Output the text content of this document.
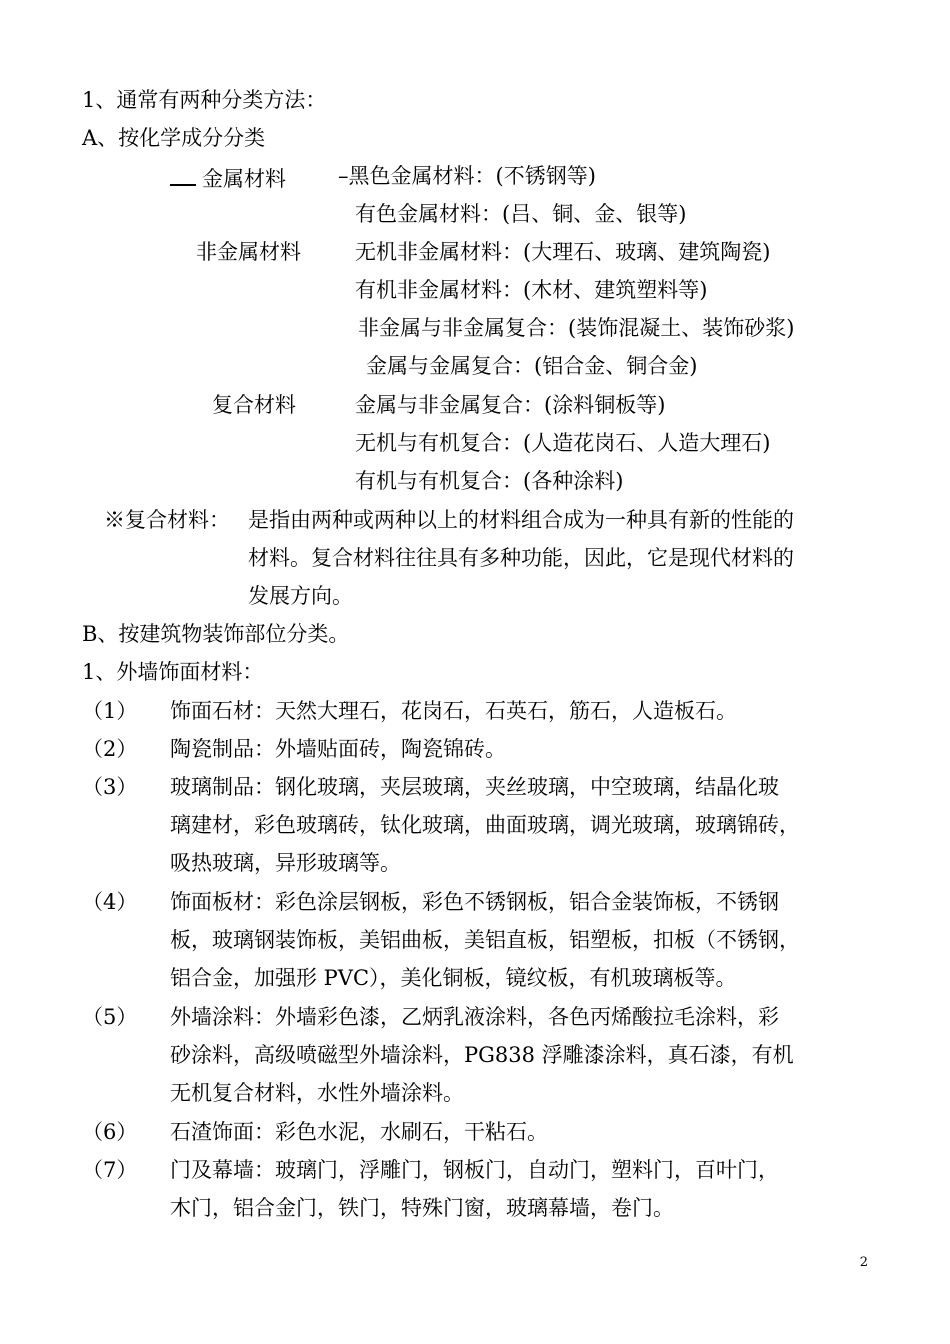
1、通常有两种分类方法：
A、按化学成分分类
金属材料 –黑色金属材料：(不锈钢等)
有色金属材料：(吕、铜、金、银等)
非金属材料	无机非金属材料：(大理石、玻璃、建筑陶瓷)
有机非金属材料：(木材、建筑塑料等)
非金属与非金属复合：(装饰混凝土、装饰砂浆)
金属与金属复合：(铝合金、铜合金)
复合材料	金属与非金属复合：(涂料铜板等)
无机与有机复合：(人造花岗石、人造大理石)
有机与有机复合：(各种涂料)
※复合材料： 是指由两种或两种以上的材料组合成为一种具有新的性能的
材料。复合材料往往具有多种功能，因此，它是现代材料的
发展方向。
B、按建筑物装饰部位分类。
1、外墙饰面材料：
（1） 饰面石材：天然大理石，花岗石，石英石，筋石，人造板石。
（2） 陶瓷制品：外墙贴面砖，陶瓷锦砖。
（3） 玻璃制品：钢化玻璃，夹层玻璃，夹丝玻璃，中空玻璃，结晶化玻
璃建材，彩色玻璃砖，钛化玻璃，曲面玻璃，调光玻璃，玻璃锦砖，
吸热玻璃，异形玻璃等。
（4） 饰面板材：彩色涂层钢板，彩色不锈钢板，铝合金装饰板，不锈钢
板，玻璃钢装饰板，美铝曲板，美铝直板，铝塑板，扣板（不锈钢，
铝合金，加强形 PVC），美化铜板，镜纹板，有机玻璃板等。
（5） 外墙涂料：外墙彩色漆，乙炳乳液涂料，各色丙烯酸拉毛涂料，彩
砂涂料，高级喷磁型外墙涂料，PG838 浮雕漆涂料，真石漆，有机
无机复合材料，水性外墙涂料。
（6） 石渣饰面：彩色水泥，水刷石，干粘石。
（7） 门及幕墙：玻璃门，浮雕门，钢板门，自动门，塑料门，百叶门，
木门，铝合金门，铁门，特殊门窗，玻璃幕墙，卷门。
2
